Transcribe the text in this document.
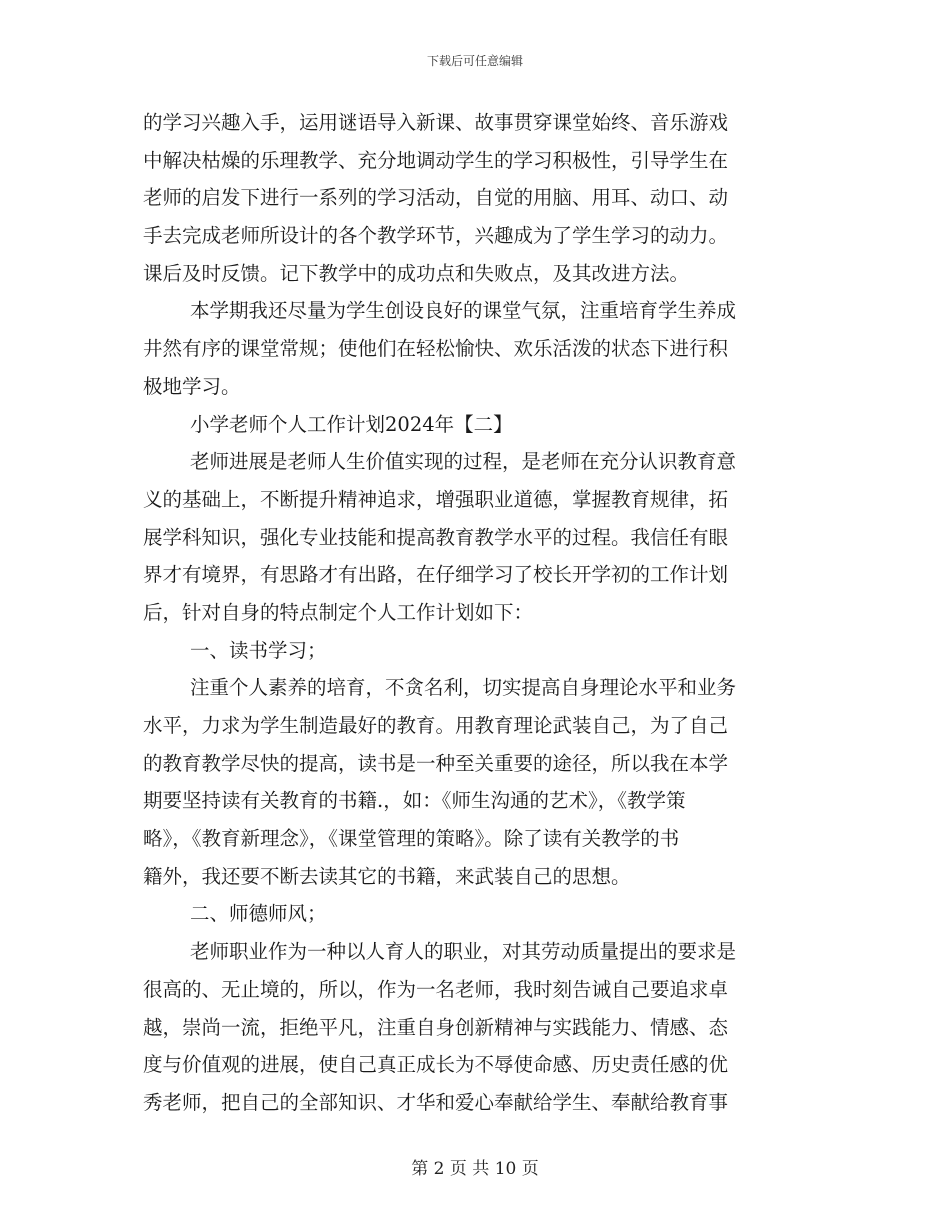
下载后可任意编辑
的学习兴趣入手，运用谜语导入新课、故事贯穿课堂始终、音乐游戏
中解决枯燥的乐理教学、充分地调动学生的学习积极性，引导学生在
老师的启发下进行一系列的学习活动，自觉的用脑、用耳、动口、动
手去完成老师所设计的各个教学环节，兴趣成为了学生学习的动力。
课后及时反馈。记下教学中的成功点和失败点，及其改进方法。
本学期我还尽量为学生创设良好的课堂气氛，注重培育学生养成
井然有序的课堂常规；使他们在轻松愉快、欢乐活泼的状态下进行积
极地学习。
小学老师个人工作计划2024年【二】
老师进展是老师人生价值实现的过程，是老师在充分认识教育意
义的基础上，不断提升精神追求，增强职业道德，掌握教育规律，拓
展学科知识，强化专业技能和提高教育教学水平的过程。我信任有眼
界才有境界，有思路才有出路，在仔细学习了校长开学初的工作计划
后，针对自身的特点制定个人工作计划如下：
一、读书学习；
注重个人素养的培育，不贪名利，切实提高自身理论水平和业务
水平，力求为学生制造最好的教育。用教育理论武装自己，为了自己
的教育教学尽快的提高，读书是一种至关重要的途径，所以我在本学
期要坚持读有关教育的书籍.，如：《师生沟通的艺术》，《教学策
略》，《教育新理念》，《课堂管理的策略》。除了读有关教学的书
籍外，我还要不断去读其它的书籍，来武装自己的思想。
二、师德师风；
老师职业作为一种以人育人的职业，对其劳动质量提出的要求是
很高的、无止境的，所以，作为一名老师，我时刻告诫自己要追求卓
越，崇尚一流，拒绝平凡，注重自身创新精神与实践能力、情感、态
度与价值观的进展，使自己真正成长为不辱使命感、历史责任感的优
秀老师，把自己的全部知识、才华和爱心奉献给学生、奉献给教育事
第 2 页 共 10 页
